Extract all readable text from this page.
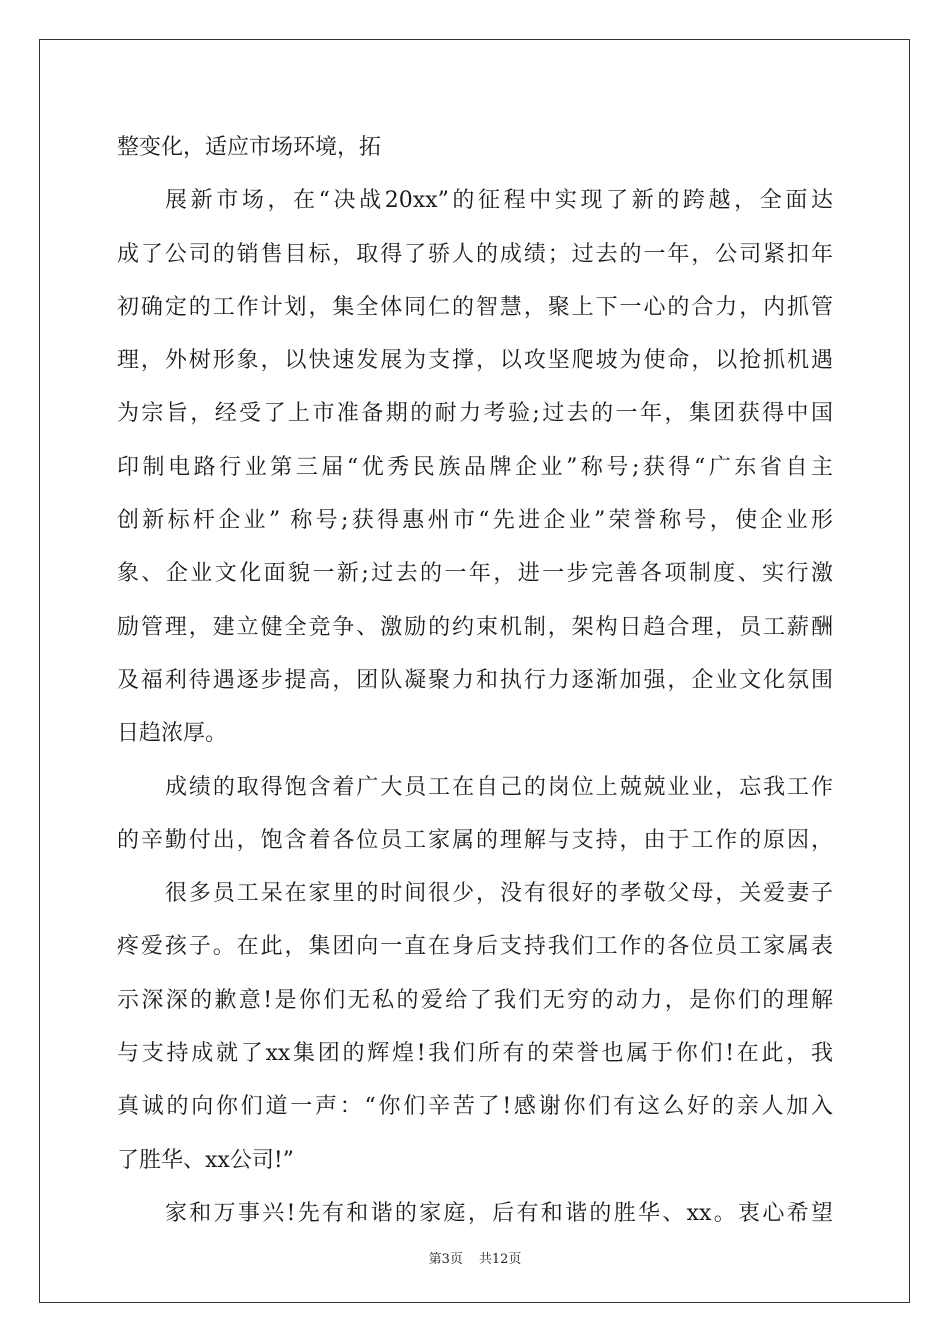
整变化，适应市场环境，拓
展新市场，在“决战20xx”的征程中实现了新的跨越，全面达
成了公司的销售目标，取得了骄人的成绩；过去的一年，公司紧扣年
初确定的工作计划，集全体同仁的智慧，聚上下一心的合力，内抓管
理，外树形象，以快速发展为支撑，以攻坚爬坡为使命，以抢抓机遇
为宗旨，经受了上市准备期的耐力考验;过去的一年，集团获得中国
印制电路行业第三届“优秀民族品牌企业”称号;获得“广东省自主
创新标杆企业” 称号;获得惠州市“先进企业”荣誉称号，使企业形
象、企业文化面貌一新;过去的一年，进一步完善各项制度、实行激
励管理，建立健全竞争、激励的约束机制，架构日趋合理，员工薪酬
及福利待遇逐步提高，团队凝聚力和执行力逐渐加强，企业文化氛围
日趋浓厚。
成绩的取得饱含着广大员工在自己的岗位上兢兢业业，忘我工作
的辛勤付出，饱含着各位员工家属的理解与支持，由于工作的原因，
很多员工呆在家里的时间很少，没有很好的孝敬父母，关爱妻子
疼爱孩子。在此，集团向一直在身后支持我们工作的各位员工家属表
示深深的歉意!是你们无私的爱给了我们无穷的动力，是你们的理解
与支持成就了xx集团的辉煌!我们所有的荣誉也属于你们!在此，我
真诚的向你们道一声：“你们辛苦了!感谢你们有这么好的亲人加入
了胜华、xx公司!”
家和万事兴!先有和谐的家庭，后有和谐的胜华、xx。衷心希望
第3页 共12页
